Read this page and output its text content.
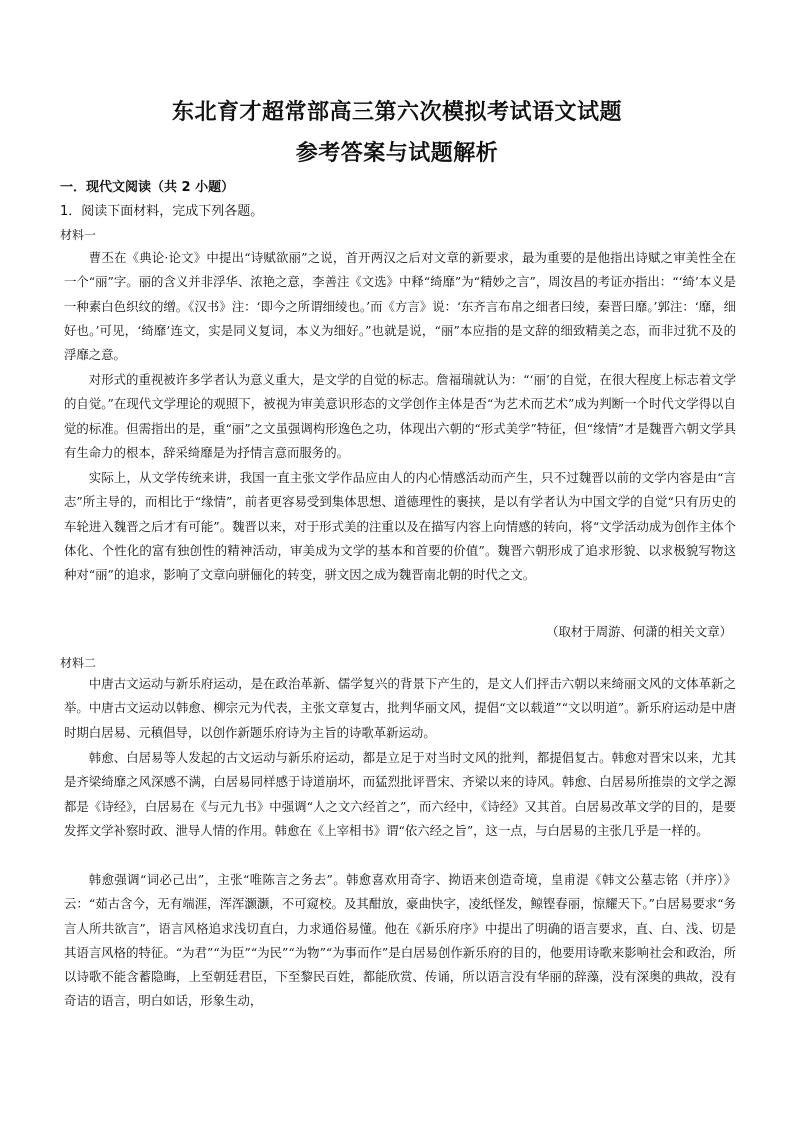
东北育才超常部高三第六次模拟考试语文试题
参考答案与试题解析
一．现代文阅读（共 2 小题）
1．阅读下面材料，完成下列各题。
材料一

曹丕在《典论·论文》中提出“诗赋欲丽”之说，首开两汉之后对文章的新要求，最为重要的是他指出诗赋之审美性全在一个“丽”字。丽的含义并非浮华、浓艳之意，李善注《文选》中释“绮靡”为“精妙之言”，周汝昌的考证亦指出：“‘绮’本义是一种素白色织纹的缯。《汉书》注：‘即今之所谓细绫也。’而《方言》说：‘东齐言布帛之细者曰绫，秦晋曰靡。’郭注：‘靡，细好也。’可见，‘绮靡’连文，实是同义复词，本义为细好。”也就是说，“丽”本应指的是文辞的细致精美之态，而非过犹不及的浮靡之意。

对形式的重视被许多学者认为意义重大，是文学的自觉的标志。詹福瑞就认为：“‘丽’的自觉，在很大程度上标志着文学的自觉。”在现代文学理论的观照下，被视为审美意识形态的文学创作主体是否“为艺术而艺术”成为判断一个时代文学得以自觉的标准。但需指出的是，重“丽”之文虽强调构形逸色之功，体现出六朝的“形式美学”特征，但“缘情”才是魏晋六朝文学具有生命力的根本，辞采绮靡是为抒情言意而服务的。

实际上，从文学传统来讲，我国一直主张文学作品应由人的内心情感活动而产生，只不过魏晋以前的文学内容是由“言志”所主导的，而相比于“缘情”，前者更容易受到集体思想、道德理性的裹挟，是以有学者认为中国文学的自觉“只有历史的车轮进入魏晋之后才有可能”。魏晋以来，对于形式美的注重以及在描写内容上向情感的转向，将“文学活动成为创作主体个体化、个性化的富有独创性的精神活动，审美成为文学的基本和首要的价值”。魏晋六朝形成了追求形貌、以求极貌写物这种对“丽”的追求，影响了文章向骈俪化的转变，骈文因之成为魏晋南北朝的时代之文。

（取材于周游、何潇的相关文章）
材料二

中唐古文运动与新乐府运动，是在政治革新、儒学复兴的背景下产生的，是文人们抨击六朝以来绮丽文风的文体革新之举。中唐古文运动以韩愈、柳宗元为代表，主张文章复古，批判华丽文风，提倡“文以载道”“文以明道”。新乐府运动是中唐时期白居易、元稹倡导，以创作新题乐府诗为主旨的诗歌革新运动。

韩愈、白居易等人发起的古文运动与新乐府运动，都是立足于对当时文风的批判，都提倡复古。韩愈对晋宋以来，尤其是齐梁绮靡之风深感不满，白居易同样感于诗道崩坏，而猛烈批评晋宋、齐梁以来的诗风。韩愈、白居易所推崇的文学之源都是《诗经》，白居易在《与元九书》中强调“人之文六经首之”，而六经中，《诗经》又其首。白居易改革文学的目的，是要发挥文学补察时政、泄导人情的作用。韩愈在《上宰相书》谓“依六经之旨”，这一点，与白居易的主张几乎是一样的。

韩愈强调“词必己出”，主张“唯陈言之务去”。韩愈喜欢用奇字、拗语来创造奇境，皇甫湜《韩文公墓志铭（并序）》云：“茹古含今，无有端涯，浑浑灏灏，不可窥校。及其酣放，豪曲快字，凌纸怪发，鲸铿春丽，惊耀天下。”白居易要求“务言人所共欲言”，语言风格追求浅切直白，力求通俗易懂。他在《新乐府序》中提出了明确的语言要求，直、白、浅、切是其语言风格的特征。“为君”“为臣”“为民”“为物”“为事而作”是白居易创作新乐府的目的，他要用诗歌来影响社会和政治，所以诗歌不能含蓄隐晦，上至朝廷君臣，下至黎民百姓，都能欣赏、传诵，所以语言没有华丽的辞藻，没有深奥的典故，没有奇诘的语言，明白如话，形象生动，
